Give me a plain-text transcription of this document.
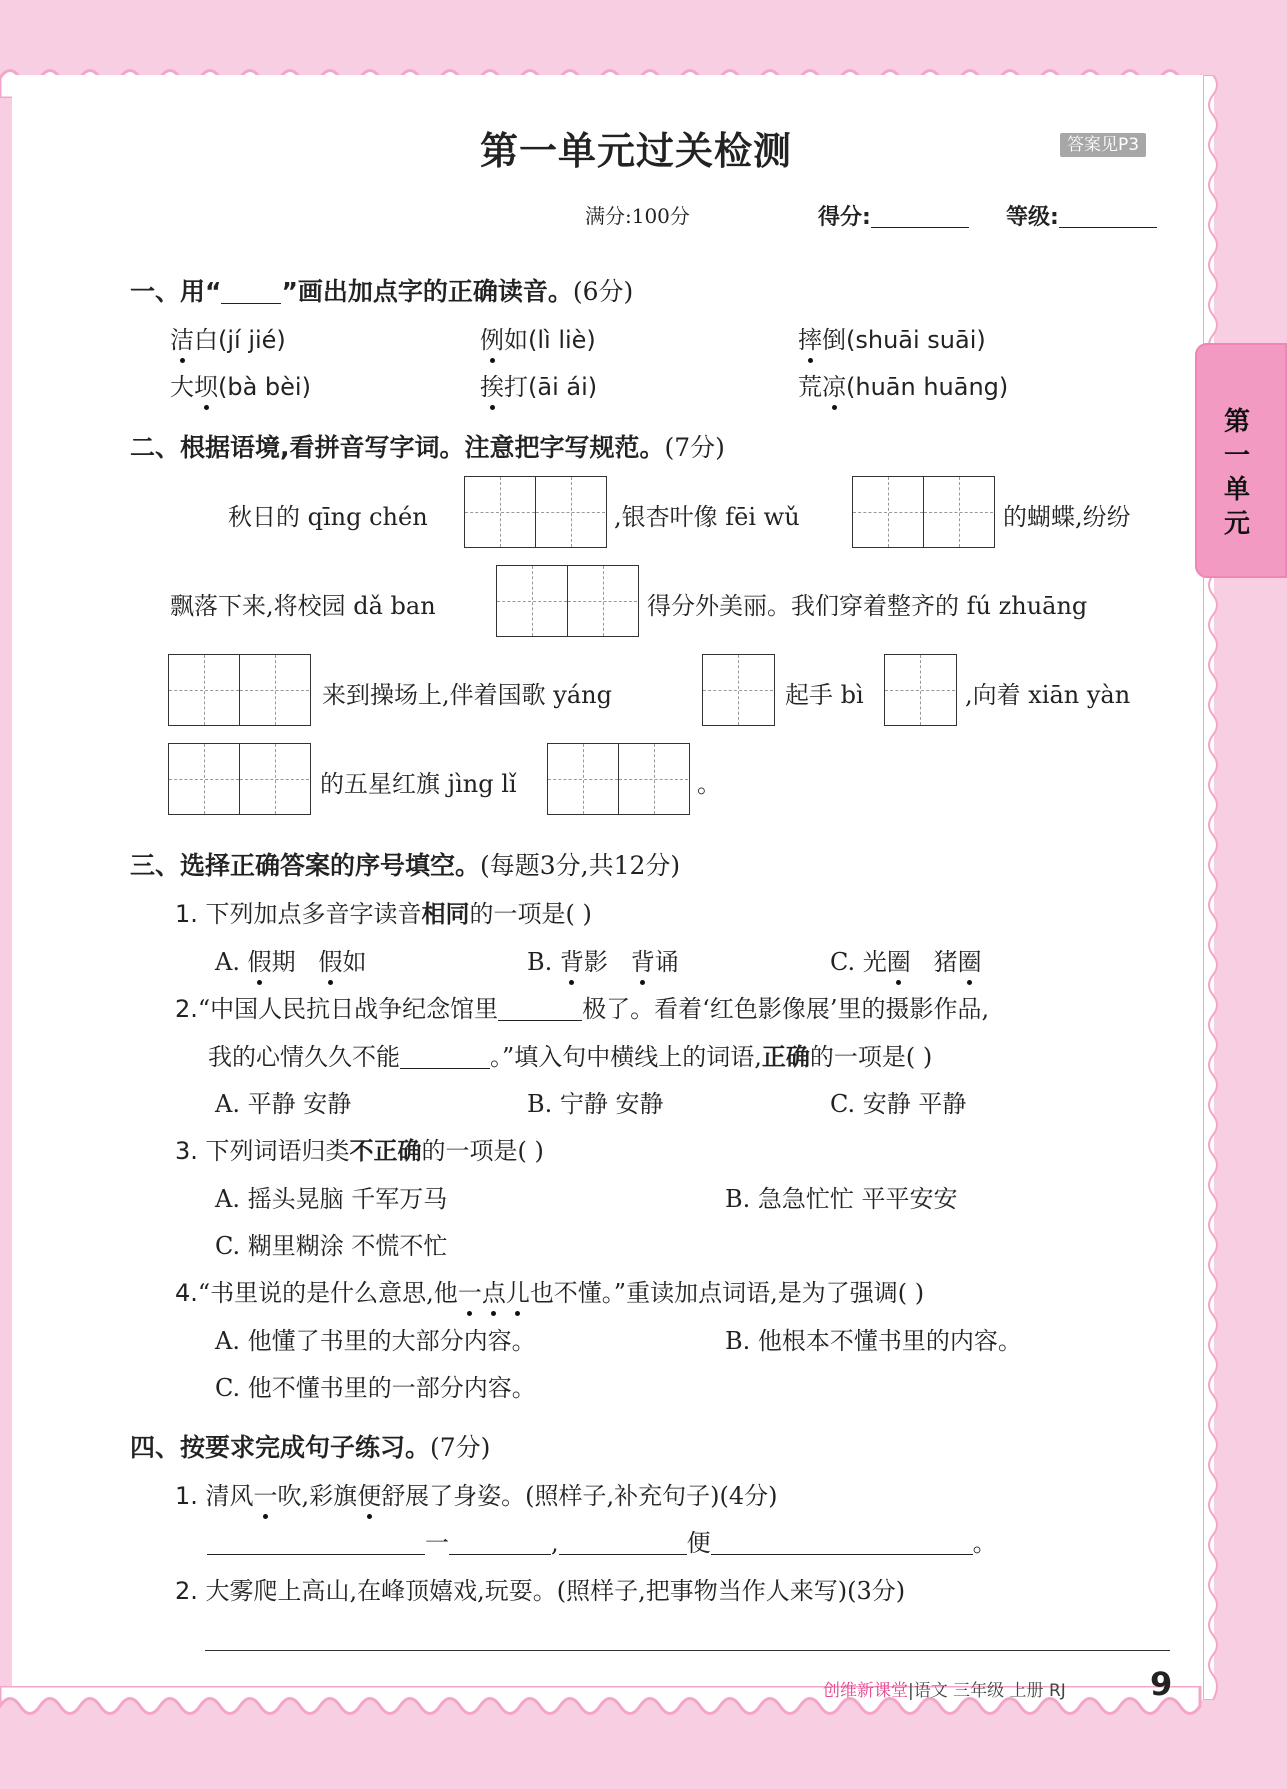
第一单元
第一单元过关检测	答案见P3
满分:100分	得分:	等级:
一、用“ ”画出加点字的正确读音。(6分)
洁白(jí jié)	例如(lì liè)	摔倒(shuāi suāi)
大坝(bà bèi)	挨打(āi ái)	荒凉(huān huāng)
二、根据语境,看拼音写字词。注意把字写规范。(7分)
秋日的 qīng chén	,银杏叶像 fēi wǔ	的蝴蝶,纷纷
飘落下来,将校园 dǎ ban	得分外美丽。我们穿着整齐的 fú zhuāng
来到操场上,伴着国歌 yáng	起手 bì	,向着 xiān yàn
的五星红旗 jìng lǐ	。
三、选择正确答案的序号填空。(每题3分,共12分)
1. 下列加点多音字读音相同的一项是( )
A. 假期 假如	B. 背影 背诵	C. 光圈 猪圈
2.“中国人民抗日战争纪念馆里	极了。看着‘红色影像展’里的摄影作品,
我的心情久久不能	。”填入句中横线上的词语,正确的一项是( )
A. 平静 安静	B. 宁静 安静	C. 安静 平静
3. 下列词语归类不正确的一项是( )
A. 摇头晃脑 千军万马	B. 急急忙忙 平平安安
C. 糊里糊涂 不慌不忙
4.“书里说的是什么意思,他一点儿也不懂。”重读加点词语,是为了强调( )
A. 他懂了书里的大部分内容。	B. 他根本不懂书里的内容。
C. 他不懂书里的一部分内容。
四、按要求完成句子练习。(7分)
1. 清风一吹,彩旗便舒展了身姿。(照样子,补充句子)(4分)
一	,	便	。
2. 大雾爬上高山,在峰顶嬉戏,玩耍。(照样子,把事物当作人来写)(3分)
创维新课堂|语文 三年级 上册 RJ	9
